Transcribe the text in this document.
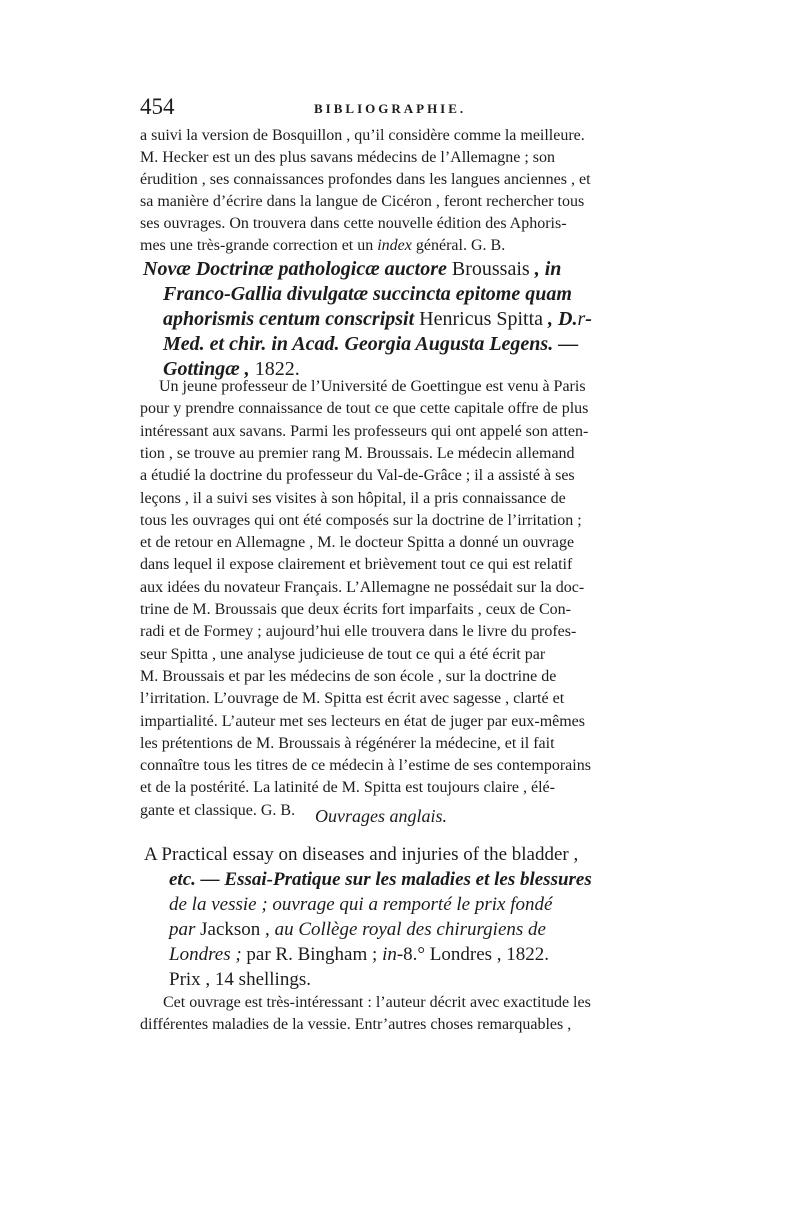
454	BIBLIOGRAPHIE.
a suivi la version de Bosquillon , qu’il considère comme la meilleure.
M. Hecker est un des plus savans médecins de l’Allemagne ; son
érudition , ses connaissances profondes dans les langues anciennes , et
sa manière d’écrire dans la langue de Cicéron , feront rechercher tous
ses ouvrages. On trouvera dans cette nouvelle édition des Aphoris-
mes une très-grande correction et un index général. G. B.
Novæ Doctrinæ pathologicæ auctore Broussais , in
Franco-Gallia divulgatæ succincta epitome quam
aphorismis centum conscripsit Henricus Spitta , D.r-
Med. et chir. in Acad. Georgia Augusta Legens. —
Gottingæ , 1822.
Un jeune professeur de l’Université de Goettingue est venu à Paris
pour y prendre connaissance de tout ce que cette capitale offre de plus
intéressant aux savans. Parmi les professeurs qui ont appelé son atten-
tion , se trouve au premier rang M. Broussais. Le médecin allemand
a étudié la doctrine du professeur du Val-de-Grâce ; il a assisté à ses
leçons , il a suivi ses visites à son hôpital, il a pris connaissance de
tous les ouvrages qui ont été composés sur la doctrine de l’irritation ;
et de retour en Allemagne , M. le docteur Spitta a donné un ouvrage
dans lequel il expose clairement et brièvement tout ce qui est relatif
aux idées du novateur Français. L’Allemagne ne possédait sur la doc-
trine de M. Broussais que deux écrits fort imparfaits , ceux de Con-
radi et de Formey ; aujourd’hui elle trouvera dans le livre du profes-
seur Spitta , une analyse judicieuse de tout ce qui a été écrit par
M. Broussais et par les médecins de son école , sur la doctrine de
l’irritation. L’ouvrage de M. Spitta est écrit avec sagesse , clarté et
impartialité. L’auteur met ses lecteurs en état de juger par eux-mêmes
les prétentions de M. Broussais à régénérer la médecine, et il fait
connaître tous les titres de ce médecin à l’estime de ses contemporains
et de la postérité. La latinité de M. Spitta est toujours claire , élé-
gante et classique. G. B. Ouvrages anglais.
A Practical essay on diseases and injuries of the bladder ,
etc. — Essai-Pratique sur les maladies et les blessures
de la vessie ; ouvrage qui a remporté le prix fondé
par Jackson , au Collège royal des chirurgiens de
Londres ; par R. Bingham ; in-8.° Londres , 1822.
Prix , 14 shellings.
Cet ouvrage est très-intéressant : l’auteur décrit avec exactitude les
différentes maladies de la vessie. Entr’autres choses remarquables ,
